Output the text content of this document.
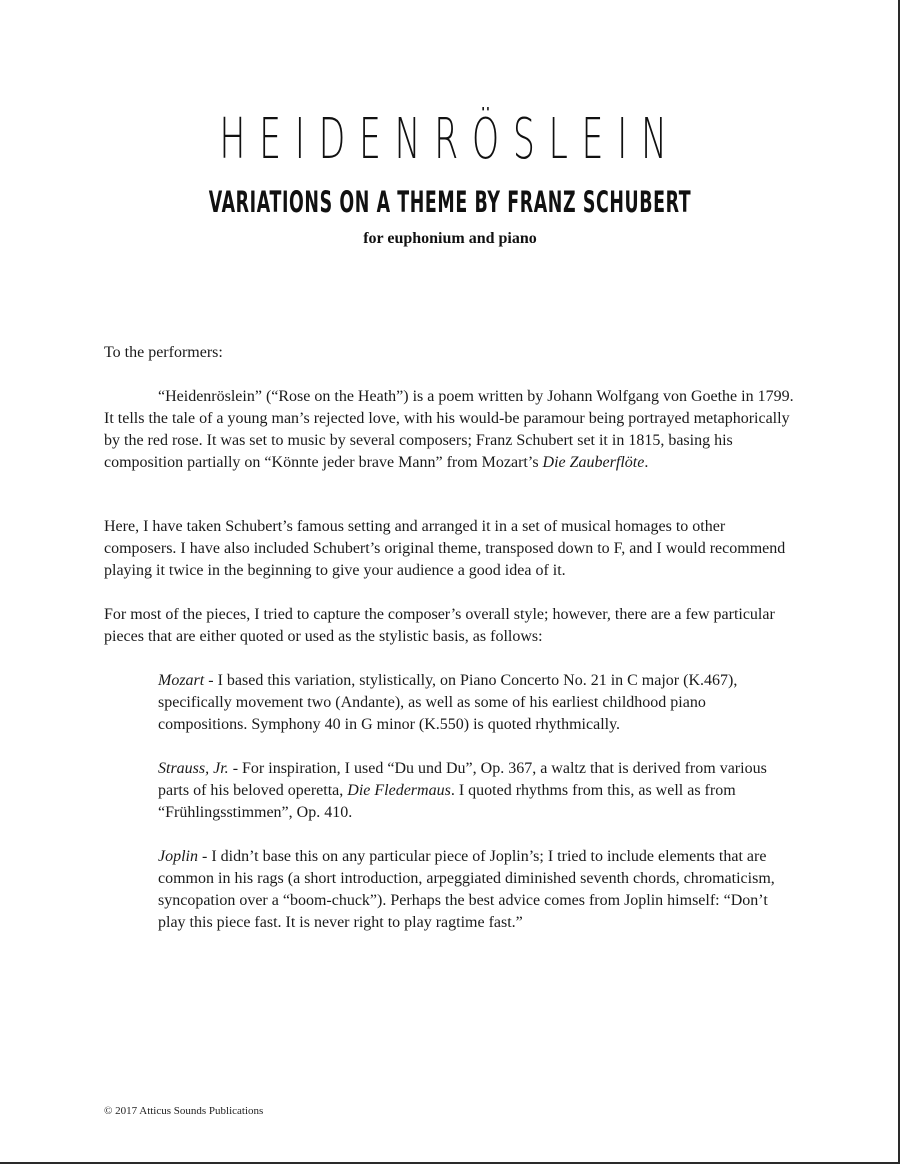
HEIDENRÖSLEIN
VARIATIONS ON A THEME BY FRANZ SCHUBERT
for euphonium and piano

To the performers:

“Heidenröslein” (“Rose on the Heath”) is a poem written by Johann Wolfgang von Goethe in 1799. It tells the tale of a young man’s rejected love, with his would-be paramour being portrayed metaphorically by the red rose. It was set to music by several composers; Franz Schubert set it in 1815, basing his composition partially on “Könnte jeder brave Mann” from Mozart’s Die Zauberflöte.

Here, I have taken Schubert’s famous setting and arranged it in a set of musical homages to other composers. I have also included Schubert’s original theme, transposed down to F, and I would recommend playing it twice in the beginning to give your audience a good idea of it.

For most of the pieces, I tried to capture the composer’s overall style; however, there are a few particular pieces that are either quoted or used as the stylistic basis, as follows:

Mozart - I based this variation, stylistically, on Piano Concerto No. 21 in C major (K.467), specifically movement two (Andante), as well as some of his earliest childhood piano compositions. Symphony 40 in G minor (K.550) is quoted rhythmically.

Strauss, Jr. - For inspiration, I used “Du und Du”, Op. 367, a waltz that is derived from various parts of his beloved operetta, Die Fledermaus. I quoted rhythms from this, as well as from “Frühlingsstimmen”, Op. 410.

Joplin - I didn’t base this on any particular piece of Joplin’s; I tried to include elements that are common in his rags (a short introduction, arpeggiated diminished seventh chords, chromaticism, syncopation over a “boom-chuck”). Perhaps the best advice comes from Joplin himself: “Don’t play this piece fast. It is never right to play ragtime fast.”

© 2017 Atticus Sounds Publications
